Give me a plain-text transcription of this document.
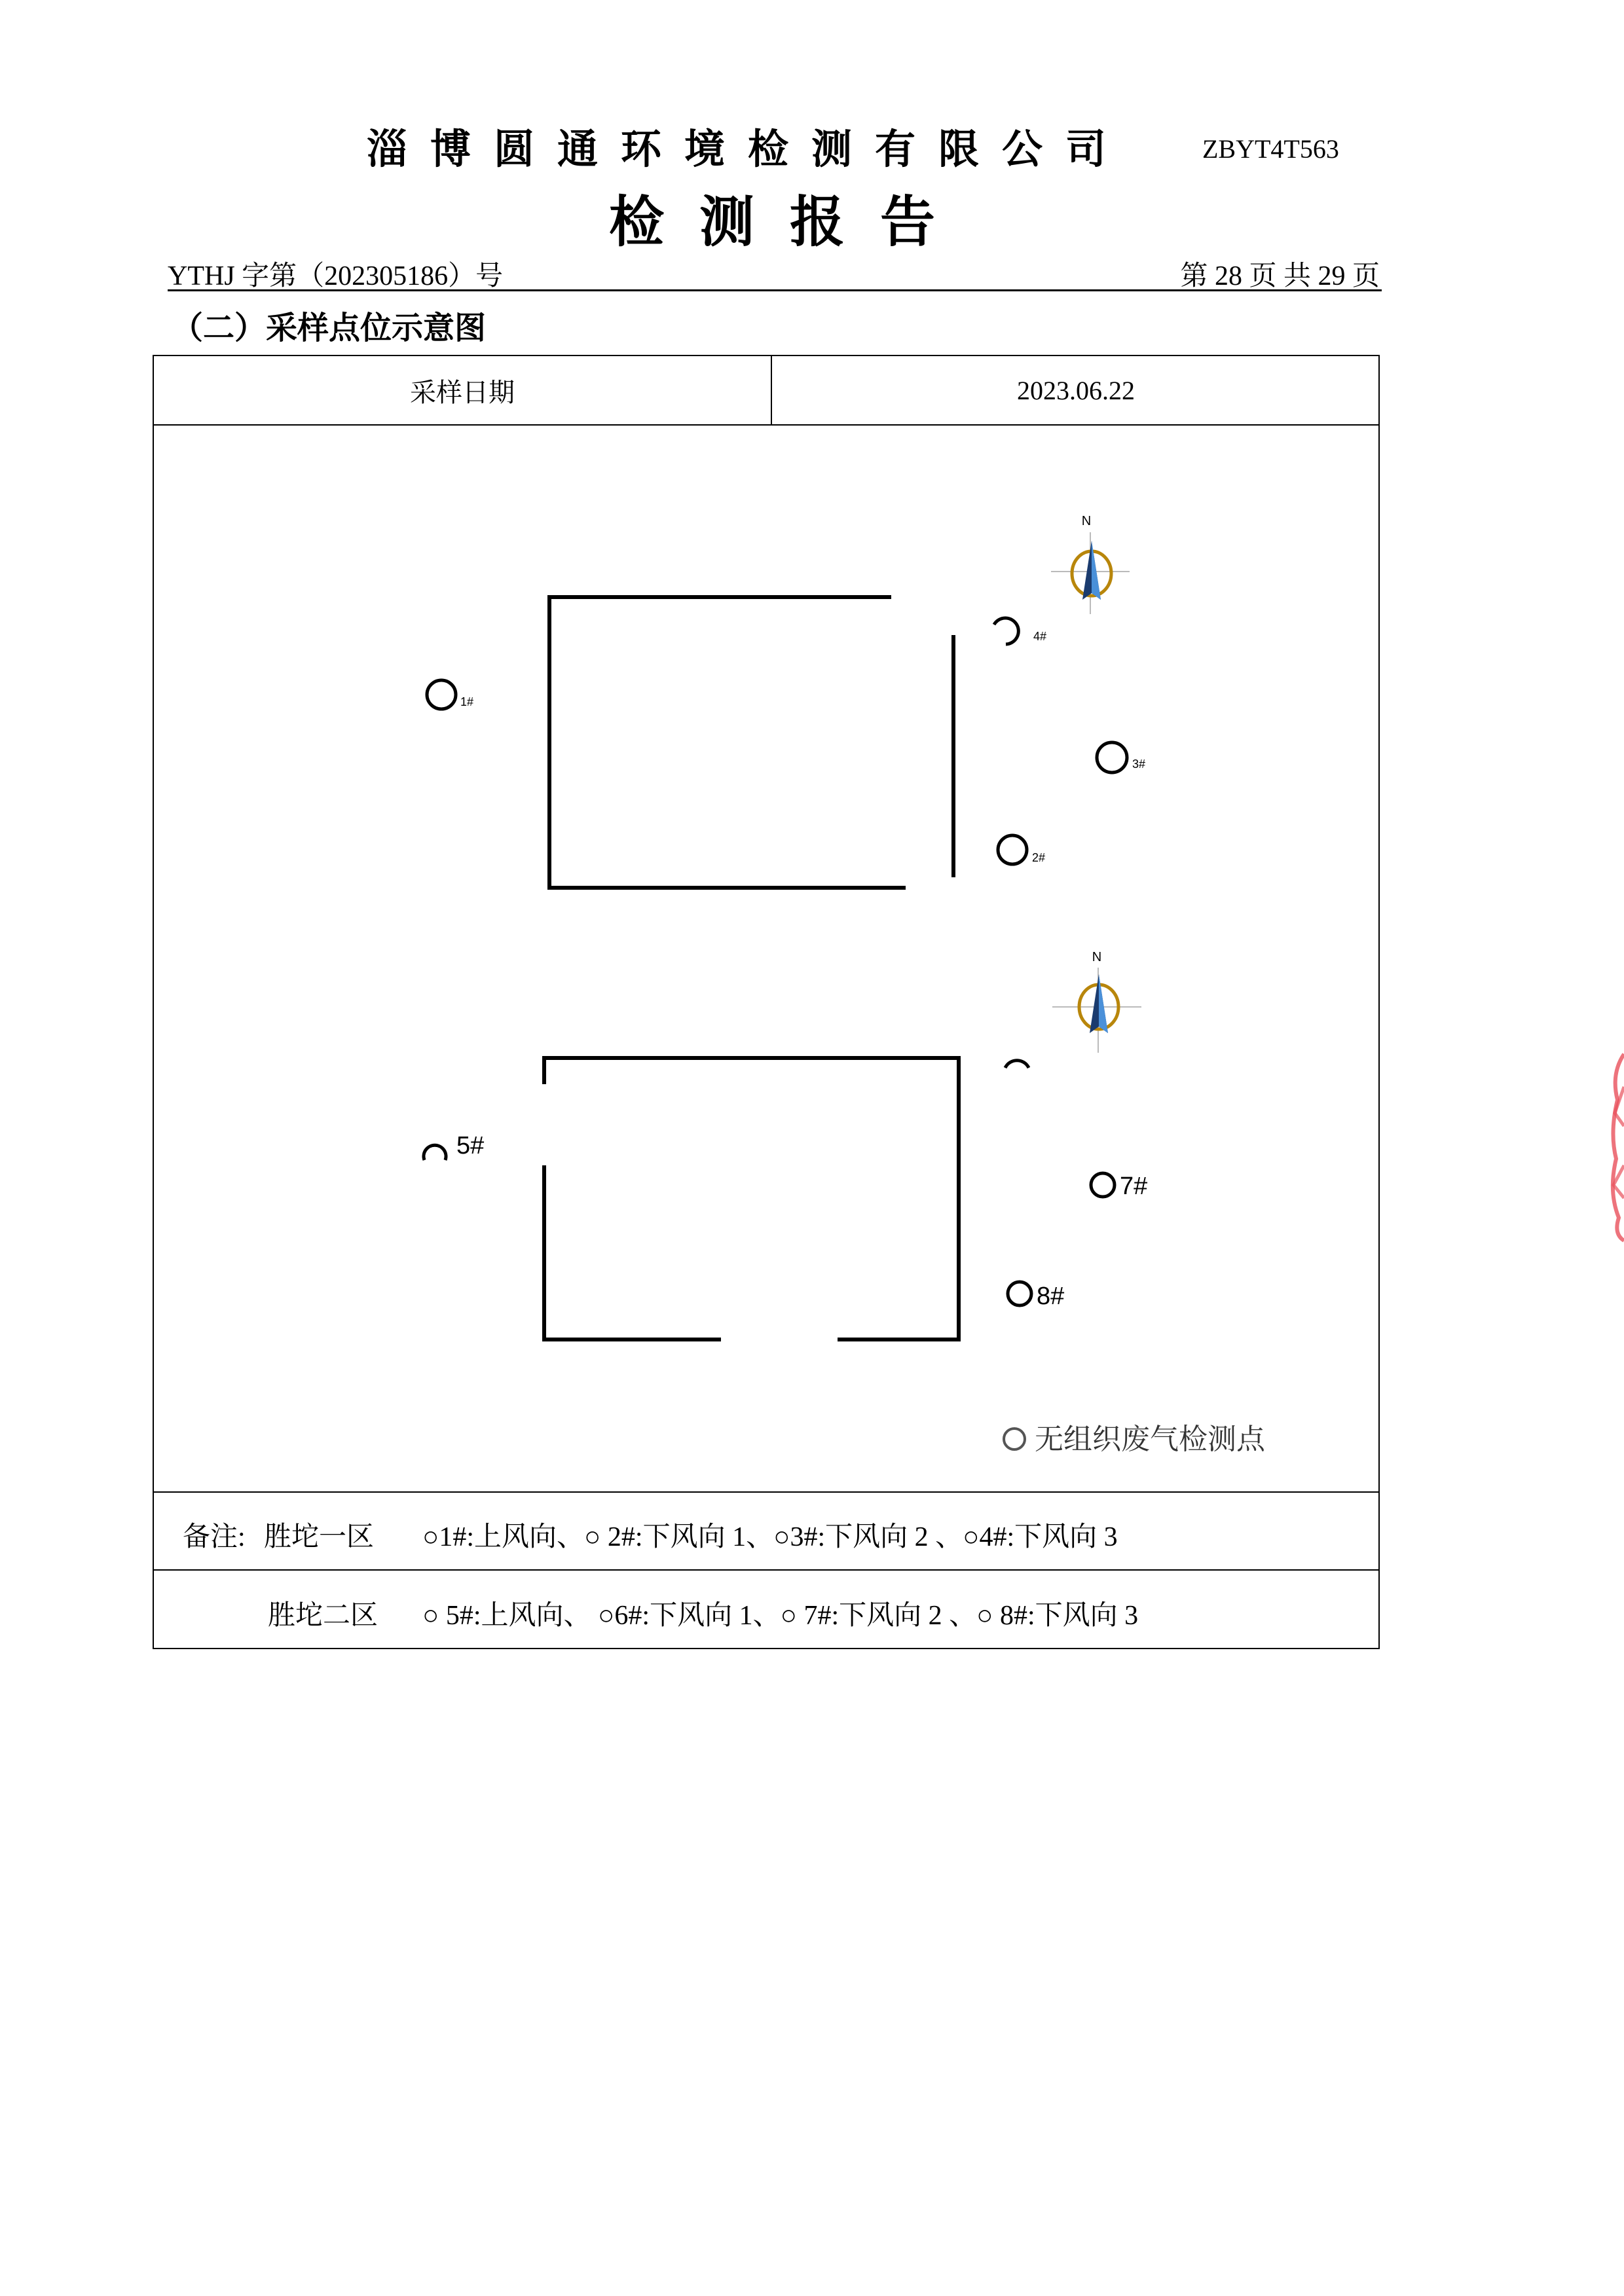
淄博圆通环境检测有限公司	ZBYT4T563
检测报告
YTHJ 字第（202305186）号	第 28 页 共 29 页
（二）采样点位示意图
采样日期	2023.06.22
1#
4#
3#
2#
N
5#
7#
8#
N
无组织废气检测点
备注: 胜坨一区 ○1#:上风向、○ 2#:下风向 1、○3#:下风向 2 、○4#:下风向 3
胜坨二区 ○ 5#:上风向、 ○6#:下风向 1、○ 7#:下风向 2 、○ 8#:下风向 3
